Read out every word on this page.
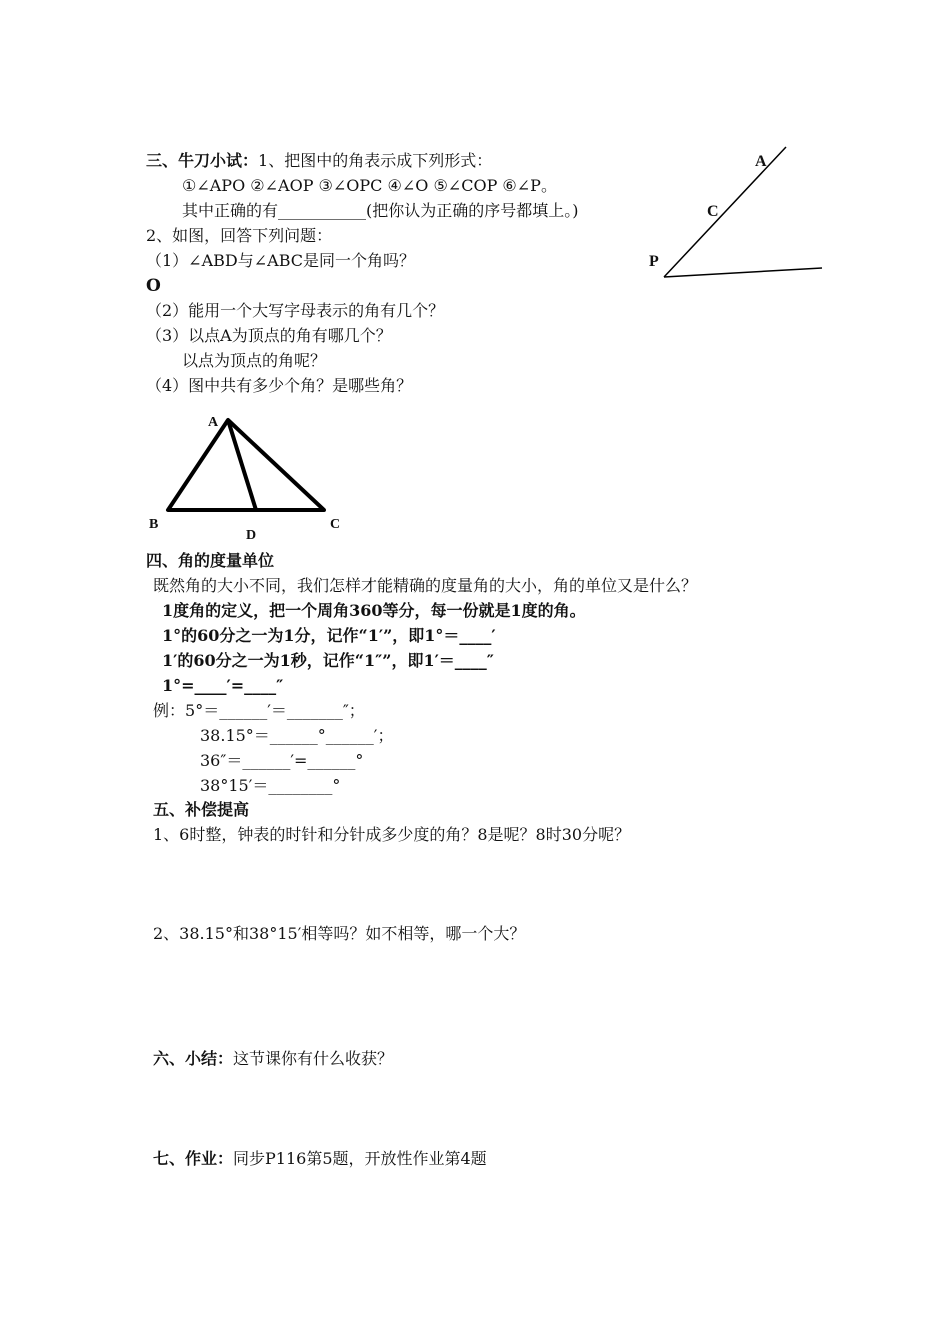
A
C
P
A
B	C
D
三、牛刀小试：1、把图中的角表示成下列形式：
①∠APO ②∠AOP ③∠OPC ④∠O ⑤∠COP ⑥∠P。
其中正确的有___________(把你认为正确的序号都填上。)
2、如图，回答下列问题：
（1）∠ABD与∠ABC是同一个角吗？
O
（2）能用一个大写字母表示的角有几个？
（3）以点A为顶点的角有哪几个？
以点为顶点的角呢？
（4）图中共有多少个角？是哪些角？
四、角的度量单位
既然角的大小不同，我们怎样才能精确的度量角的大小，角的单位又是什么？
1度角的定义，把一个周角360等分，每一份就是1度的角。
1°的60分之一为1分，记作“1′”，即1°＝____′
1′的60分之一为1秒，记作“1″”，即1′＝____″
1°=____′=____″
例：5°＝______′＝_______″；
38.15°＝______°______′；
36″＝______′=______°
38°15′＝________°
五、补偿提高
1、6时整，钟表的时针和分针成多少度的角？8是呢？8时30分呢？
2、38.15°和38°15′相等吗？如不相等，哪一个大？
六、小结：这节课你有什么收获？
七、作业：同步P116第5题，开放性作业第4题
